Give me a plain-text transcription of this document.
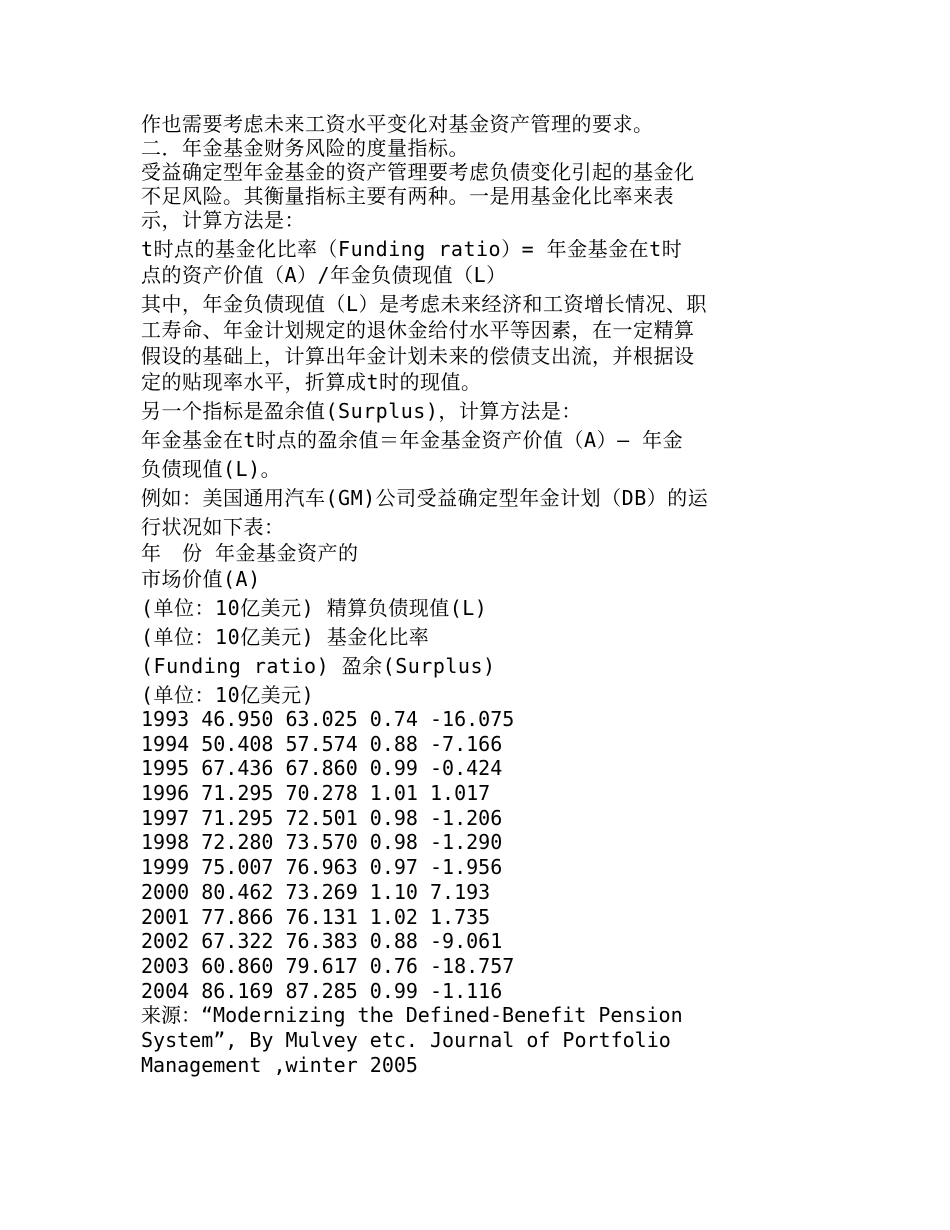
作也需要考虑未来工资水平变化对基金资产管理的要求。
二．年金基金财务风险的度量指标。
受益确定型年金基金的资产管理要考虑负债变化引起的基金化
不足风险。其衡量指标主要有两种。一是用基金化比率来表
示，计算方法是：
t时点的基金化比率（Funding ratio）= 年金基金在t时
点的资产价值（A）/年金负债现值（L）
其中，年金负债现值（L）是考虑未来经济和工资增长情况、职
工寿命、年金计划规定的退休金给付水平等因素，在一定精算
假设的基础上，计算出年金计划未来的偿债支出流，并根据设
定的贴现率水平，折算成t时的现值。
另一个指标是盈余值(Surplus)，计算方法是：
年金基金在t时点的盈余值＝年金基金资产价值（A）— 年金
负债现值(L)。
例如：美国通用汽车(GM)公司受益确定型年金计划（DB）的运
行状况如下表：
年　份 年金基金资产的
市场价值(A)
(单位：10亿美元) 精算负债现值(L)
(单位：10亿美元) 基金化比率
(Funding ratio) 盈余(Surplus)
(单位：10亿美元)
1993 46.950 63.025 0.74 -16.075
1994 50.408 57.574 0.88 -7.166
1995 67.436 67.860 0.99 -0.424
1996 71.295 70.278 1.01 1.017
1997 71.295 72.501 0.98 -1.206
1998 72.280 73.570 0.98 -1.290
1999 75.007 76.963 0.97 -1.956
2000 80.462 73.269 1.10 7.193
2001 77.866 76.131 1.02 1.735
2002 67.322 76.383 0.88 -9.061
2003 60.860 79.617 0.76 -18.757
2004 86.169 87.285 0.99 -1.116
来源：“Modernizing the Defined-Benefit Pension
System”, By Mulvey etc. Journal of Portfolio
Management ,winter 2005
